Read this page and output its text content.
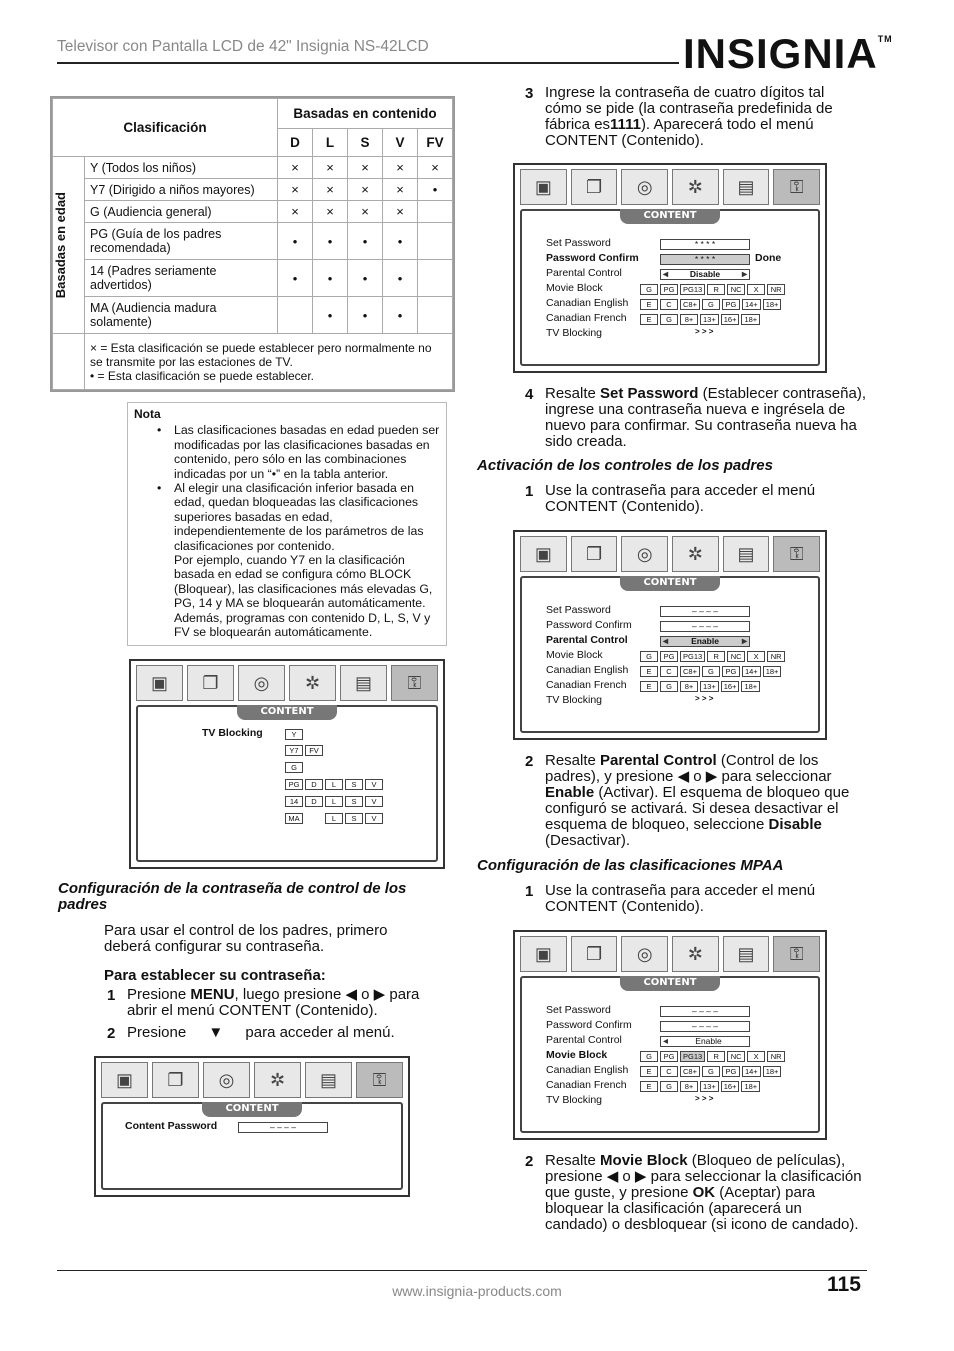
Televisor con Pantalla LCD de 42" Insignia NS-42LCD	INSIGNIA™
Clasificación		Basadas en contenido				
		D	L	S	V	FV

Basadas en edad	Y (Todos los niños)	×	×	×	×	×
	Y7 (Dirigido a niños mayores)	×	×	×	×	•
	G (Audiencia general)	×	×	×	×	
	PG (Guía de los padres recomendada)	•	•	•	•	
	14 (Padres seriamente advertidos)	•	•	•	•	
	MA (Audiencia madura solamente)		•	•	•	

	× = Esta clasificación se puede establecer pero normalmente no se transmite por las estaciones de TV.
• = Esta clasificación se puede establecer.					
Nota
• Las clasificaciones basadas en edad pueden ser modificadas por las clasificaciones basadas en contenido, pero sólo en las combinaciones indicadas por un “•” en la tabla anterior.
• Al elegir una clasificación inferior basada en edad, quedan bloqueadas las clasificaciones superiores basadas en edad, independientemente de los parámetros de las clasificaciones por contenido.
Por ejemplo, cuando Y7 en la clasificación basada en edad se configura cómo BLOCK (Bloquear), las clasificaciones más elevadas G, PG, 14 y MA se bloquearán automáticamente. Además, programas con contenido D, L, S, V y FV se bloquearán automáticamente.
▣	❐	◎	✲	▤	⚿
CONTENT
TV Blocking	Y
Y7	FV
G
PG	D	L	S	V
14	D	L	S	V
MA	L	S	V
Configuración de la contraseña de control de los padres
Para usar el control de los padres, primero deberá configurar su contraseña.
Para establecer su contraseña:
1 Presione MENU, luego presione ◀ o ▶ para abrir el menú CONTENT (Contenido).
2 Presione ▼ para acceder al menú.
▣	❐	◎	✲	▤	⚿
CONTENT
Content Password	– – – –
3 Ingrese la contraseña de cuatro dígitos tal cómo se pide (la contraseña predefinida de fábrica es1111). Aparecerá todo el menú CONTENT (Contenido).
▣	❐	◎	✲	▤	⚿
CONTENT
Set Password	* * * *
Password Confirm	* * * *	Done
Parental Control	◂	Disable ▸
Movie Block	G	PG	PG13	R	NC	X	NR
Canadian English	E	C	C8+	G	PG	14+	18+
Canadian French	E	G	8+	13+	16+	18+
TV Blocking	> > >
4 Resalte Set Password (Establecer contraseña), ingrese una contraseña nueva e ingrésela de nuevo para confirmar. Su contraseña nueva ha sido creada.
Activación de los controles de los padres
1 Use la contraseña para acceder el menú CONTENT (Contenido).
▣	❐	◎	✲	▤	⚿
CONTENT
Set Password	– – – –
Password Confirm	– – – –
Parental Control	◂	Enable ▸
Movie Block	G	PG	PG13	R	NC	X	NR
Canadian English	E	C	C8+	G	PG	14+	18+
Canadian French	E	G	8+	13+	16+	18+
TV Blocking	> > >
2 Resalte Parental Control (Control de los padres), y presione ◀ o ▶ para seleccionar Enable (Activar). El esquema de bloqueo que configuró se activará. Si desea desactivar el esquema de bloqueo, seleccione Disable (Desactivar).
Configuración de las clasificaciones MPAA
1 Use la contraseña para acceder el menú CONTENT (Contenido).
▣	❐	◎	✲	▤	⚿
CONTENT
Set Password	– – – –
Password Confirm	– – – –
Parental Control	◂	Enable
Movie Block	G	PG	PG13	R	NC	X	NR
Canadian English	E	C	C8+	G	PG	14+	18+
Canadian French	E	G	8+	13+	16+	18+
TV Blocking	> > >
2 Resalte Movie Block (Bloqueo de películas), presione ◀ o ▶ para seleccionar la clasificación que guste, y presione OK (Aceptar) para bloquear la clasificación (aparecerá un candado) o desbloquear (si icono de candado).
www.insignia-products.com	115
